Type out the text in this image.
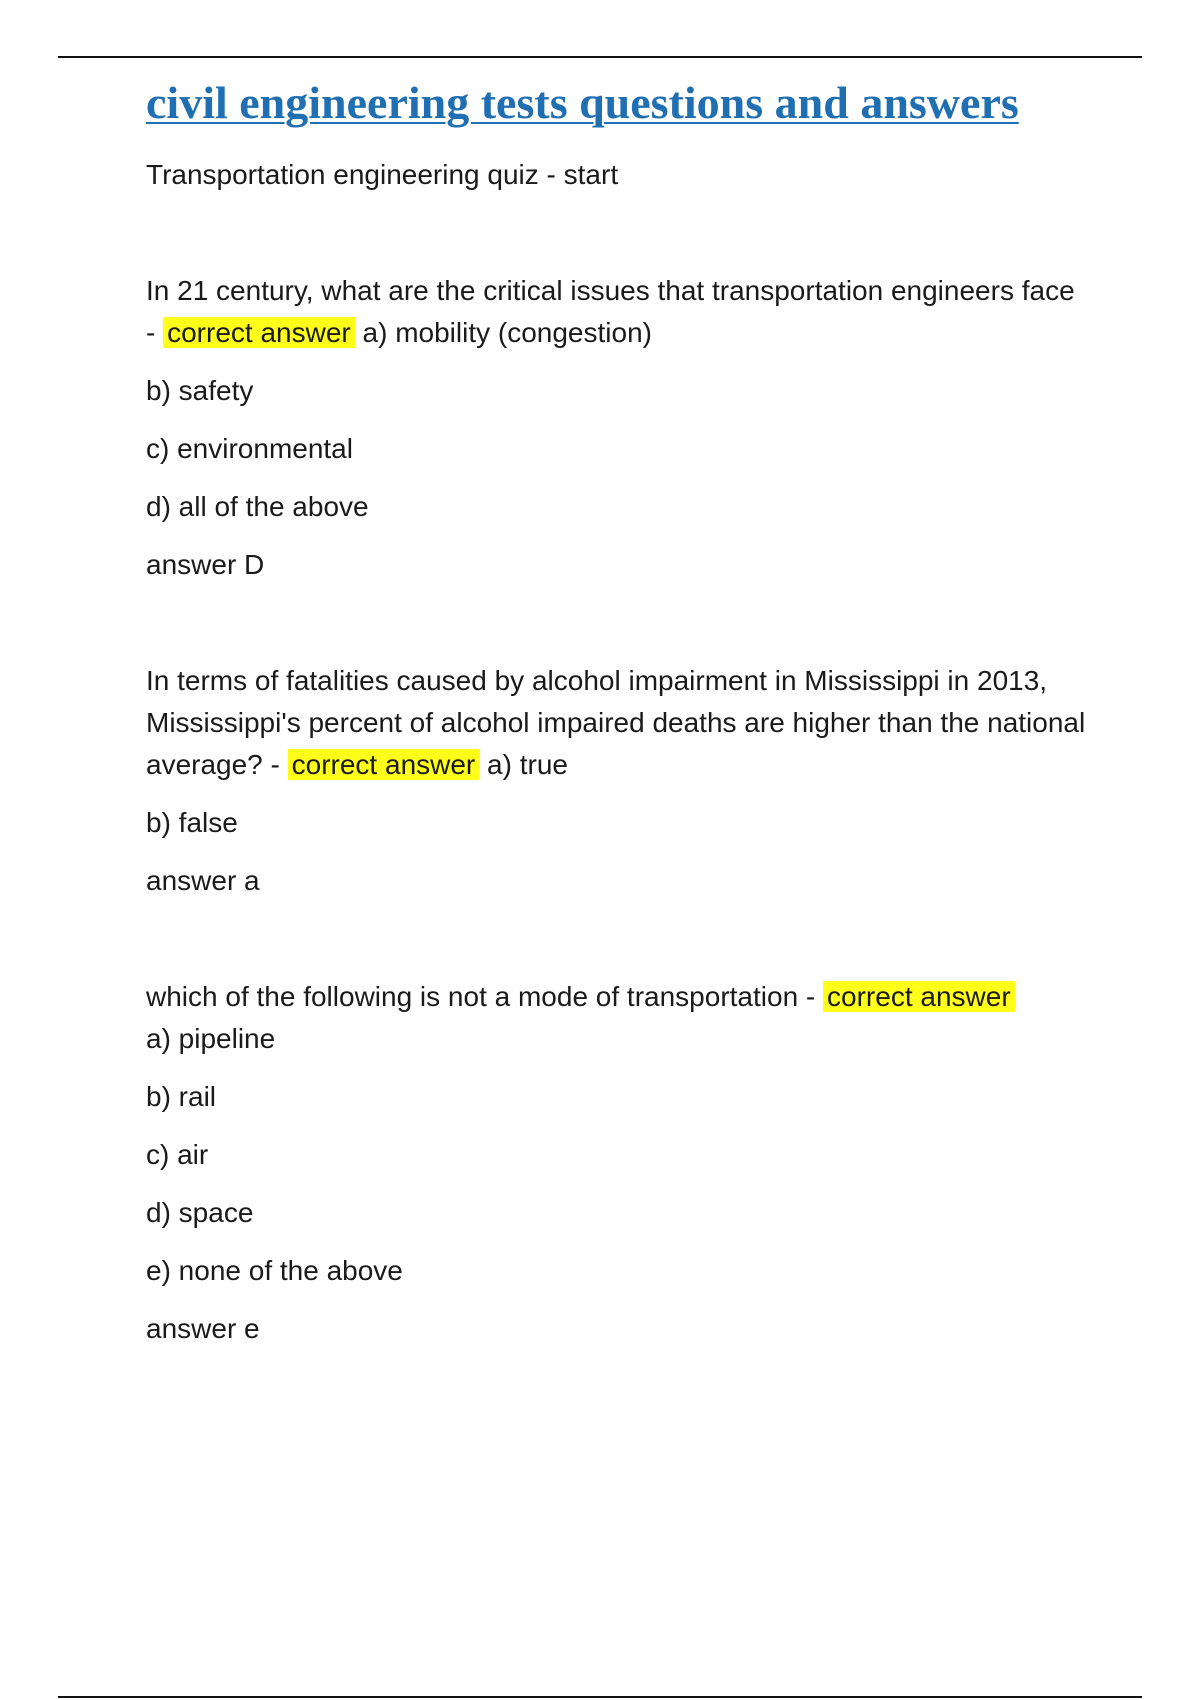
civil engineering tests questions and answers

Transportation engineering quiz - start

In 21 century, what are the critical issues that transportation engineers face - correct answer a) mobility (congestion)

b) safety

c) environmental

d) all of the above

answer D

In terms of fatalities caused by alcohol impairment in Mississippi in 2013, Mississippi's percent of alcohol impaired deaths are higher than the national average? - correct answer a) true

b) false

answer a

which of the following is not a mode of transportation - correct answer

a) pipeline

b) rail

c) air

d) space

e) none of the above

answer e
